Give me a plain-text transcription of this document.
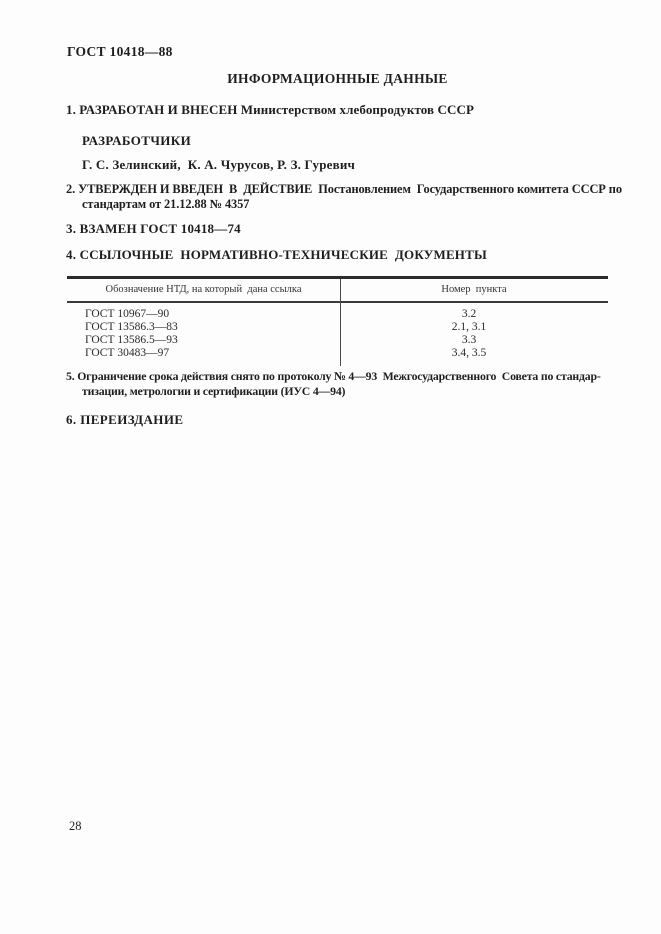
ГОСТ 10418—88
ИНФОРМАЦИОННЫЕ ДАННЫЕ
1. РАЗРАБОТАН И ВНЕСЕН Министерством хлебопродуктов СССР
РАЗРАБОТЧИКИ
Г. С. Зелинский,  К. А. Чурусов, Р. З. Гуревич
2. УТВЕРЖДЕН И ВВЕДЕН  В  ДЕЙСТВИЕ  Постановлением  Государственного комитета СССР по
стандартам от 21.12.88 № 4357
3. ВЗАМЕН ГОСТ 10418—74
4. ССЫЛОЧНЫЕ  НОРМАТИВНО-ТЕХНИЧЕСКИЕ  ДОКУМЕНТЫ
Обозначение НТД, на который  дана ссылка	Номер  пункта
ГОСТ 10967—90	3.2
ГОСТ 13586.3—83	2.1, 3.1
ГОСТ 13586.5—93	3.3
ГОСТ 30483—97	3.4, 3.5
5. Ограничение срока действия снято по протоколу № 4—93  Межгосударственного  Совета по стандар-
тизации, метрологии и сертификации (ИУС 4—94)
6. ПЕРЕИЗДАНИЕ
28
